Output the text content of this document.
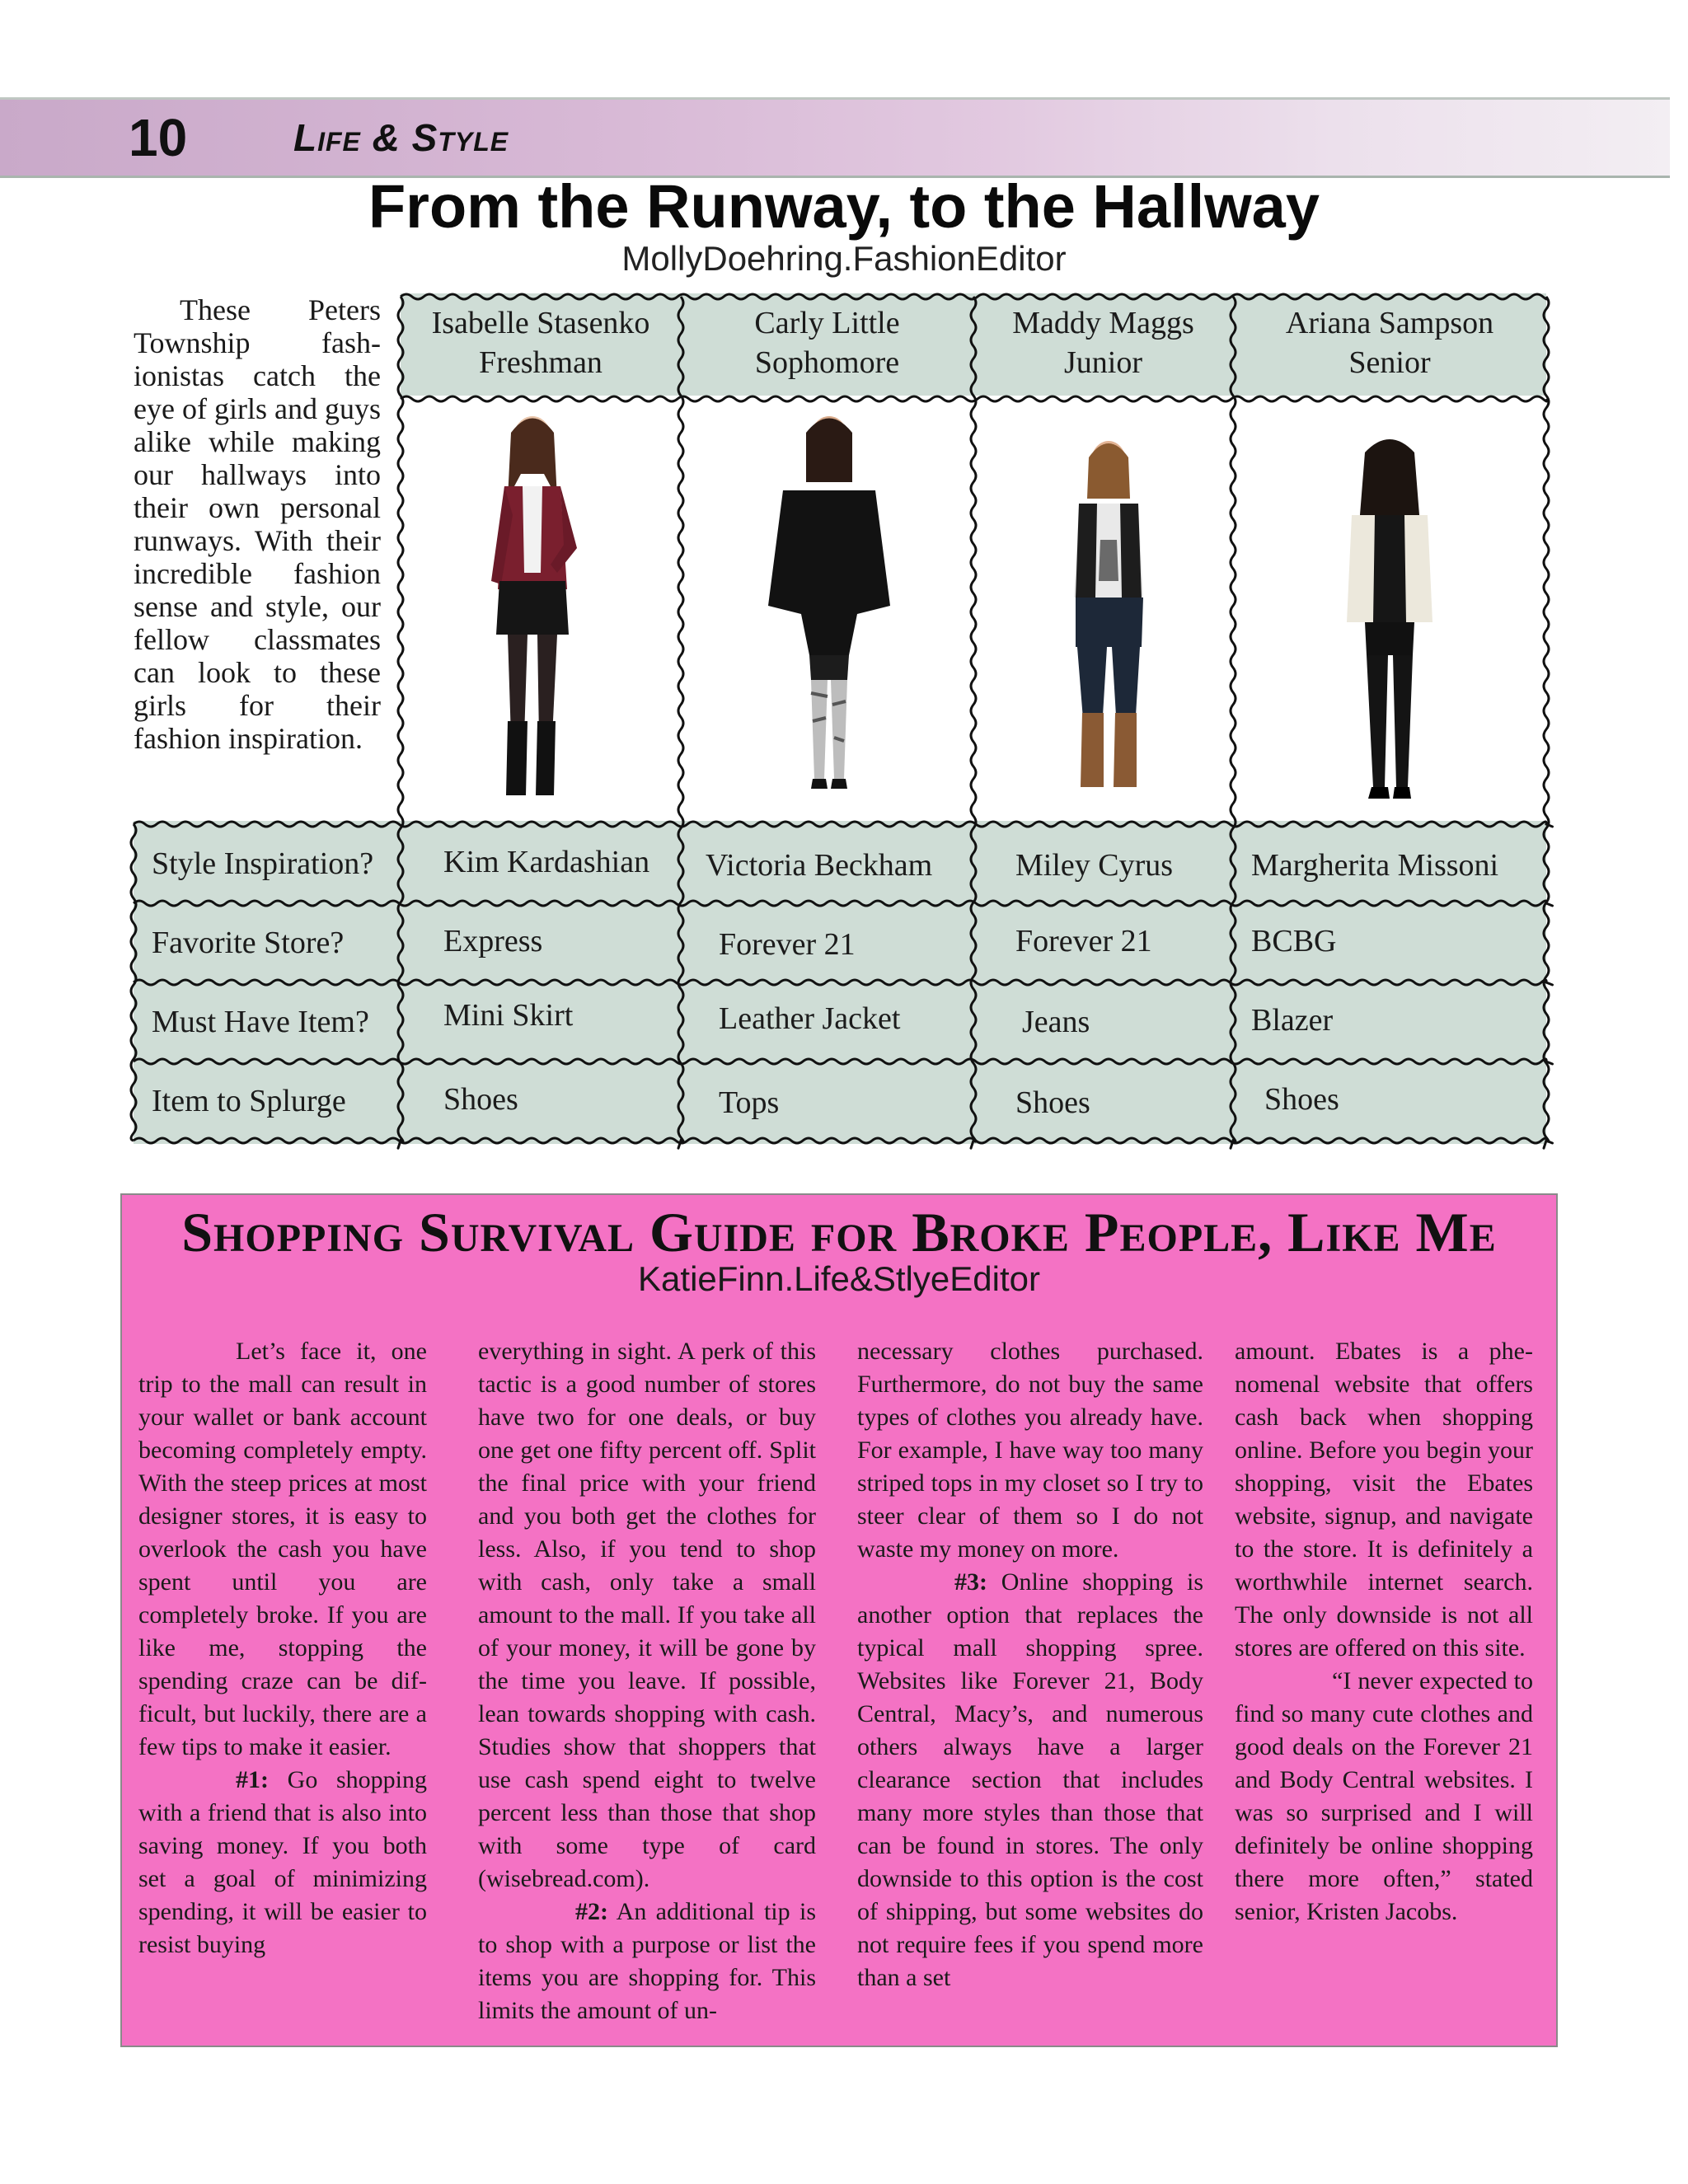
10	Life & Style
From the Runway, to the Hallway
MollyDoehring.FashionEditor
These Peters Township fashionistas catch the eye of girls and guys alike while making our hallways into their own personal runways. With their incredible fashion sense and style, our fellow classmates can look to these girls for their fashion inspiration.
Isabelle Stasenko
Freshman
Carly Little
Sophomore
Maddy Maggs
Junior
Ariana Sampson
Senior
Style Inspiration?
Favorite Store?
Must Have Item?
Item to Splurge
Kim Kardashian
Express
Mini Skirt
Shoes
Victoria Beckham
Forever 21
Leather Jacket
Tops
Miley Cyrus
Forever 21
Jeans
Shoes
Margherita Missoni
BCBG
Blazer
Shoes
Shopping Survival Guide for Broke People, Like Me
KatieFinn.Life&StlyeEditor

Let’s face it, one trip to the mall can result in your wallet or bank account becoming completely empty. With the steep prices at most designer stores, it is easy to overlook the cash you have spent until you are completely broke. If you are like me, stopping the spending craze can be difficult, but luckily, there are a few tips to make it easier.

#1: Go shopping with a friend that is also into saving money. If you both set a goal of minimizing spending, it will be easier to resist buying

everything in sight. A perk of this tactic is a good number of stores have two for one deals, or buy one get one fifty percent off. Split the final price with your friend and you both get the clothes for less. Also, if you tend to shop with cash, only take a small amount to the mall. If you take all of your money, it will be gone by the time you leave. If possible, lean towards shopping with cash. Studies show that shoppers that use cash spend eight to twelve percent less than those that shop with some type of card (wisebread.com).

#2: An additional tip is to shop with a purpose or list the items you are shopping for. This limits the amount of un-

necessary clothes purchased. Furthermore, do not buy the same types of clothes you already have. For example, I have way too many striped tops in my closet so I try to steer clear of them so I do not waste my money on more.

#3: Online shopping is another option that replaces the typical mall shopping spree. Websites like Forever 21, Body Central, Macy’s, and numerous others always have a larger clearance section that includes many more styles than those that can be found in stores. The only downside to this option is the cost of shipping, but some websites do not require fees if you spend more than a set

amount. Ebates is a phenomenal website that offers cash back when shopping online. Before you begin your shopping, visit the Ebates website, signup, and navigate to the store. It is definitely a worthwhile internet search. The only downside is not all stores are offered on this site.

“I never expected to find so many cute clothes and good deals on the Forever 21 and Body Central websites. I was so surprised and I will definitely be online shopping there more often,” stated senior, Kristen Jacobs.
